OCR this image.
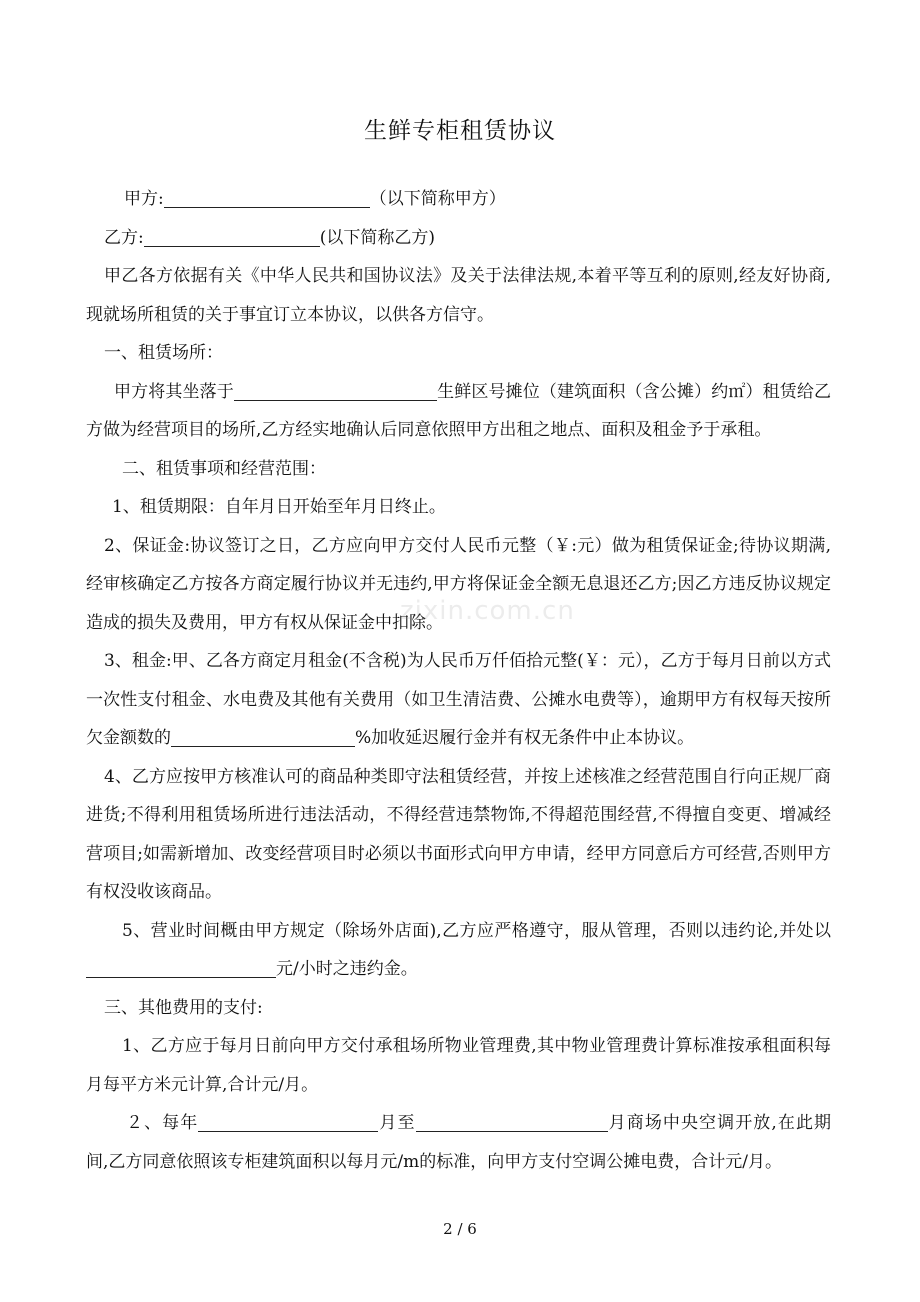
生鲜专柜租赁协议

甲方:	（以下简称甲方）

乙方:	(以下简称乙方)

甲乙各方依据有关《中华人民共和国协议法》及关于法律法规,本着平等互利的原则,经友好协商,现就场所租赁的关于事宜订立本协议，以供各方信守。

一、租赁场所：

甲方将其坐落于	生鲜区号摊位（建筑面积（含公摊）约㎡）租赁给乙方做为经营项目的场所,乙方经实地确认后同意依照甲方出租之地点、面积及租金予于承租。

二、租赁事项和经营范围：

1、租赁期限：自年月日开始至年月日终止。

2、保证金:协议签订之日，乙方应向甲方交付人民币元整（￥:元）做为租赁保证金;待协议期满,经审核确定乙方按各方商定履行协议并无违约,甲方将保证金全额无息退还乙方;因乙方违反协议规定造成的损失及费用，甲方有权从保证金中扣除。

3、租金:甲、乙各方商定月租金(不含税)为人民币万仟佰拾元整(￥：元），乙方于每月日前以方式一次性支付租金、水电费及其他有关费用（如卫生清洁费、公摊水电费等），逾期甲方有权每天按所欠金额数的	%加收延迟履行金并有权无条件中止本协议。

4、乙方应按甲方核准认可的商品种类即守法租赁经营，并按上述核准之经营范围自行向正规厂商进货;不得利用租赁场所进行违法活动，不得经营违禁物饰,不得超范围经营,不得擅自变更、增减经营项目;如需新增加、改变经营项目时必须以书面形式向甲方申请，经甲方同意后方可经营,否则甲方有权没收该商品。

5、营业时间概由甲方规定（除场外店面),乙方应严格遵守，服从管理，否则以违约论,并处以元/小时之违约金。

三、其他费用的支付:

1、乙方应于每月日前向甲方交付承租场所物业管理费,其中物业管理费计算标准按承租面积每月每平方米元计算,合计元/月。

２、每年	月至	月商场中央空调开放,在此期间,乙方同意依照该专柜建筑面积以每月元/m的标准，向甲方支付空调公摊电费，合计元/月。

zixin.com.cn
2 / 6
